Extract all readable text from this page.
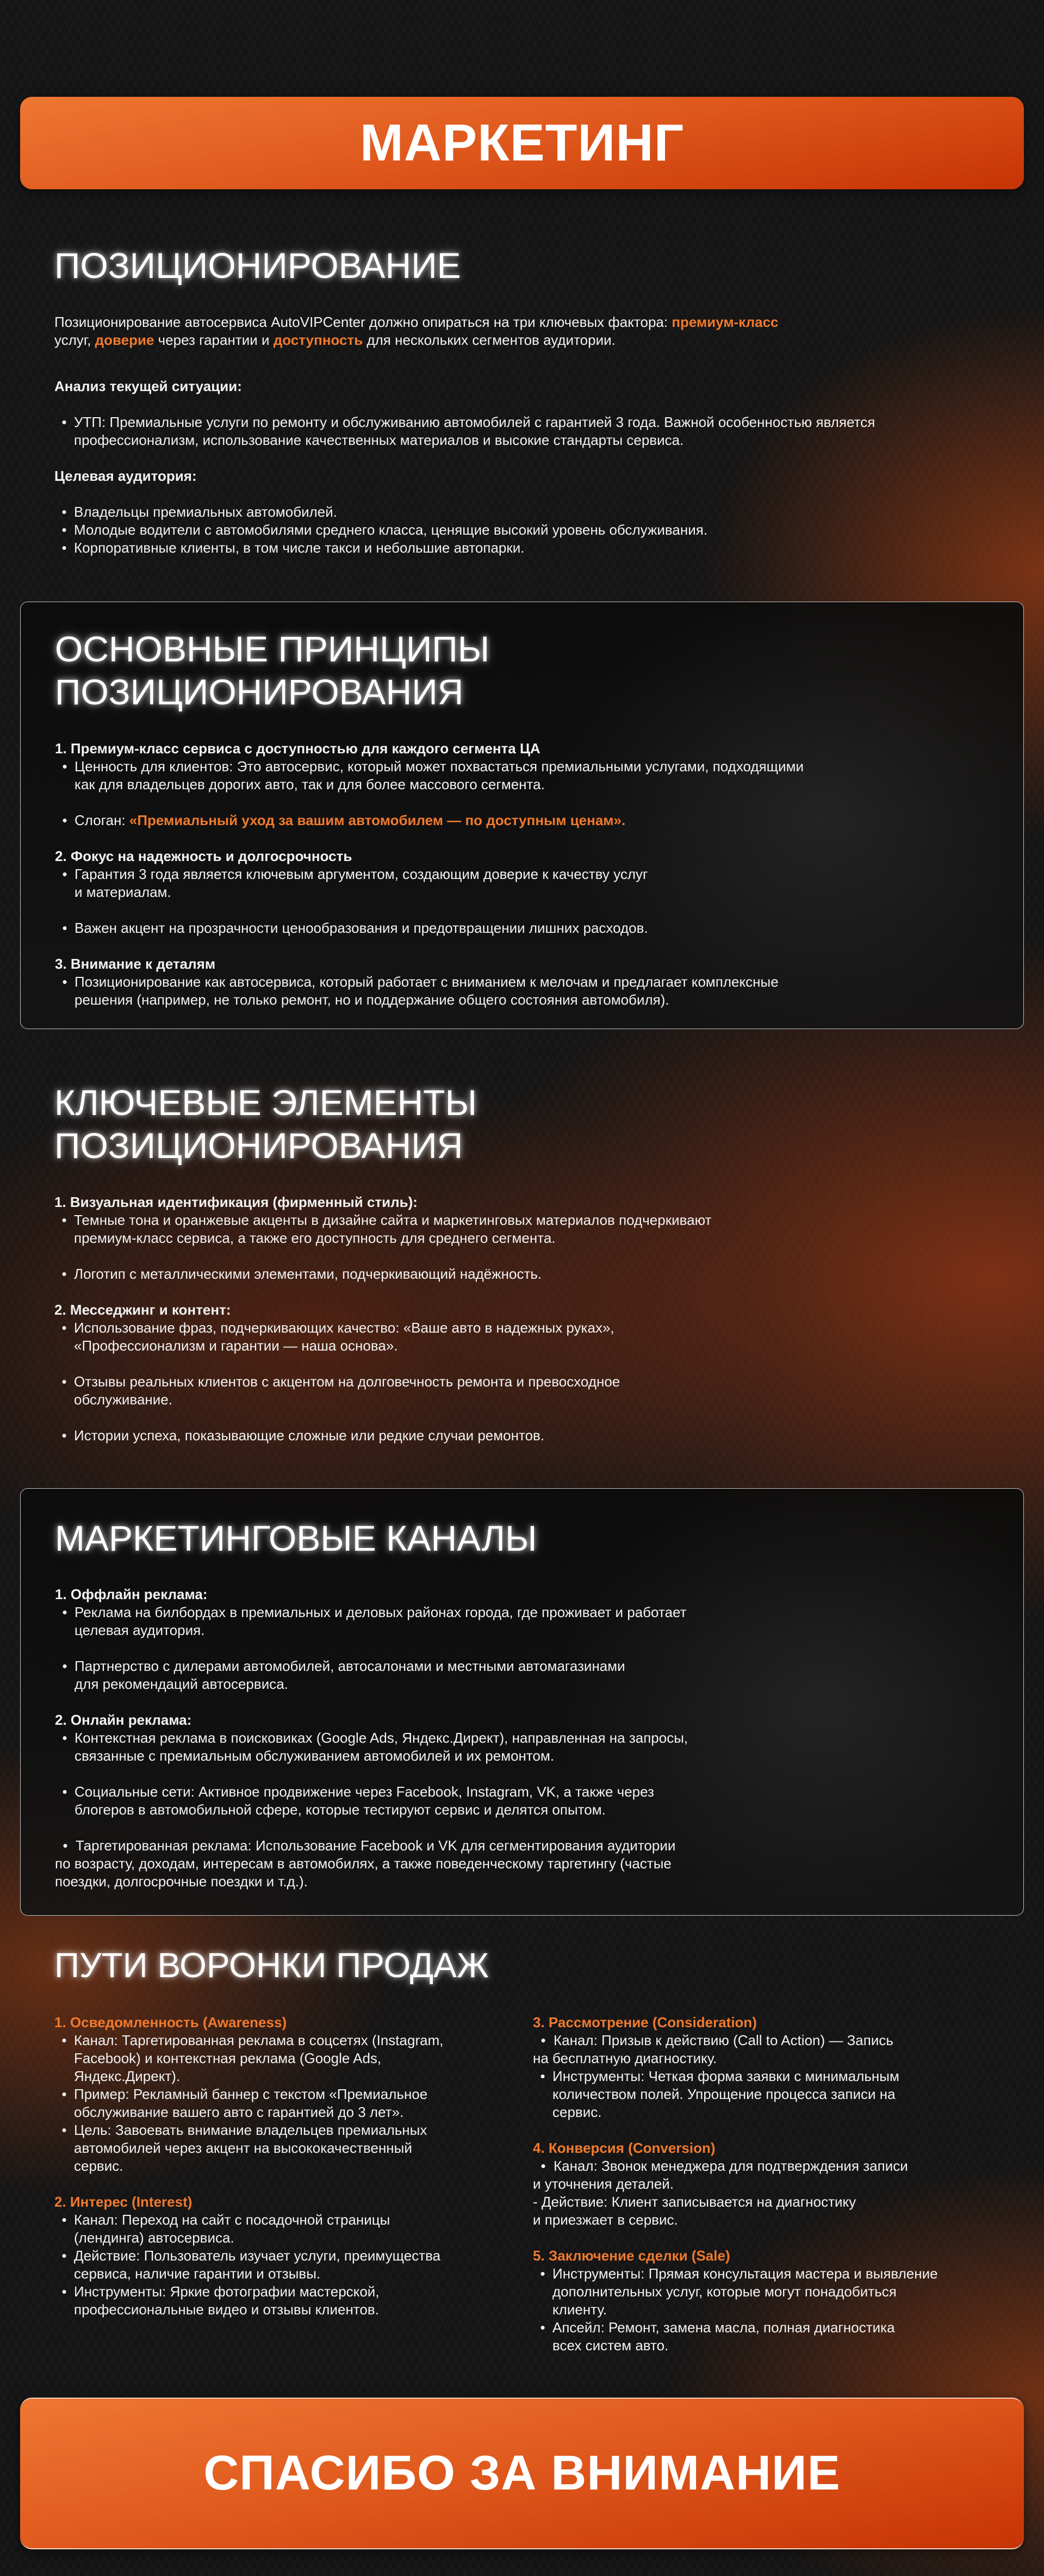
МАРКЕТИНГ
ПОЗИЦИОНИРОВАНИЕ
Позиционирование автосервиса AutoVIPCenter должно опираться на три ключевых фактора: премиум-класс
услуг, доверие через гарантии и доступность для нескольких сегментов аудитории.
Анализ текущей ситуации:
• УТП: Премиальные услуги по ремонту и обслуживанию автомобилей с гарантией 3 года. Важной особенностью является
профессионализм, использование качественных материалов и высокие стандарты сервиса.
Целевая аудитория:
• Владельцы премиальных автомобилей.
• Молодые водители с автомобилями среднего класса, ценящие высокий уровень обслуживания.
• Корпоративные клиенты, в том числе такси и небольшие автопарки.
ОСНОВНЫЕ ПРИНЦИПЫ
ПОЗИЦИОНИРОВАНИЯ
1. Премиум-класс сервиса с доступностью для каждого сегмента ЦА
• Ценность для клиентов: Это автосервис, который может похвастаться премиальными услугами, подходящими
как для владельцев дорогих авто, так и для более массового сегмента.
• Слоган: «Премиальный уход за вашим автомобилем — по доступным ценам».
2. Фокус на надежность и долгосрочность
• Гарантия 3 года является ключевым аргументом, создающим доверие к качеству услуг
и материалам.
• Важен акцент на прозрачности ценообразования и предотвращении лишних расходов.
3. Внимание к деталям
• Позиционирование как автосервиса, который работает с вниманием к мелочам и предлагает комплексные
решения (например, не только ремонт, но и поддержание общего состояния автомобиля).
КЛЮЧЕВЫЕ ЭЛЕМЕНТЫ
ПОЗИЦИОНИРОВАНИЯ
1. Визуальная идентификация (фирменный стиль):
• Темные тона и оранжевые акценты в дизайне сайта и маркетинговых материалов подчеркивают
премиум-класс сервиса, а также его доступность для среднего сегмента.
• Логотип с металлическими элементами, подчеркивающий надёжность.
2. Месседжинг и контент:
• Использование фраз, подчеркивающих качество: «Ваше авто в надежных руках»,
«Профессионализм и гарантии — наша основа».
• Отзывы реальных клиентов с акцентом на долговечность ремонта и превосходное
обслуживание.
• Истории успеха, показывающие сложные или редкие случаи ремонтов.
МАРКЕТИНГОВЫЕ КАНАЛЫ
1. Оффлайн реклама:
• Реклама на билбордах в премиальных и деловых районах города, где проживает и работает
целевая аудитория.
• Партнерство с дилерами автомобилей, автосалонами и местными автомагазинами
для рекомендаций автосервиса.
2. Онлайн реклама:
• Контекстная реклама в поисковиках (Google Ads, Яндекс.Директ), направленная на запросы,
связанные с премиальным обслуживанием автомобилей и их ремонтом.
• Социальные сети: Активное продвижение через Facebook, Instagram, VK, а также через
блогеров в автомобильной сфере, которые тестируют сервис и делятся опытом.
•  Таргетированная реклама: Использование Facebook и VK для сегментирования аудитории
по возрасту, доходам, интересам в автомобилях, а также поведенческому таргетингу (частые
поездки, долгосрочные поездки и т.д.).
ПУТИ ВОРОНКИ ПРОДАЖ
1. Осведомленность (Awareness)
• Канал: Таргетированная реклама в соцсетях (Instagram,
Facebook) и контекстная реклама (Google Ads,
Яндекс.Директ).
• Пример: Рекламный баннер с текстом «Премиальное
обслуживание вашего авто с гарантией до 3 лет».
• Цель: Завоевать внимание владельцев премиальных
автомобилей через акцент на высококачественный
сервис.
2. Интерес (Interest)
• Канал: Переход на сайт с посадочной страницы
(лендинга) автосервиса.
• Действие: Пользователь изучает услуги, преимущества
сервиса, наличие гарантии и отзывы.
• Инструменты: Яркие фотографии мастерской,
профессиональные видео и отзывы клиентов.
3. Рассмотрение (Consideration)
•  Канал: Призыв к действию (Call to Action) — Запись
на бесплатную диагностику.
• Инструменты: Четкая форма заявки с минимальным
количеством полей. Упрощение процесса записи на
сервис.
4. Конверсия (Conversion)
•  Канал: Звонок менеджера для подтверждения записи
и уточнения деталей.
- Действие: Клиент записывается на диагностику
и приезжает в сервис.
5. Заключение сделки (Sale)
• Инструменты: Прямая консультация мастера и выявление
дополнительных услуг, которые могут понадобиться
клиенту.
• Апсейл: Ремонт, замена масла, полная диагностика
всех систем авто.
СПАСИБО ЗА ВНИМАНИЕ
